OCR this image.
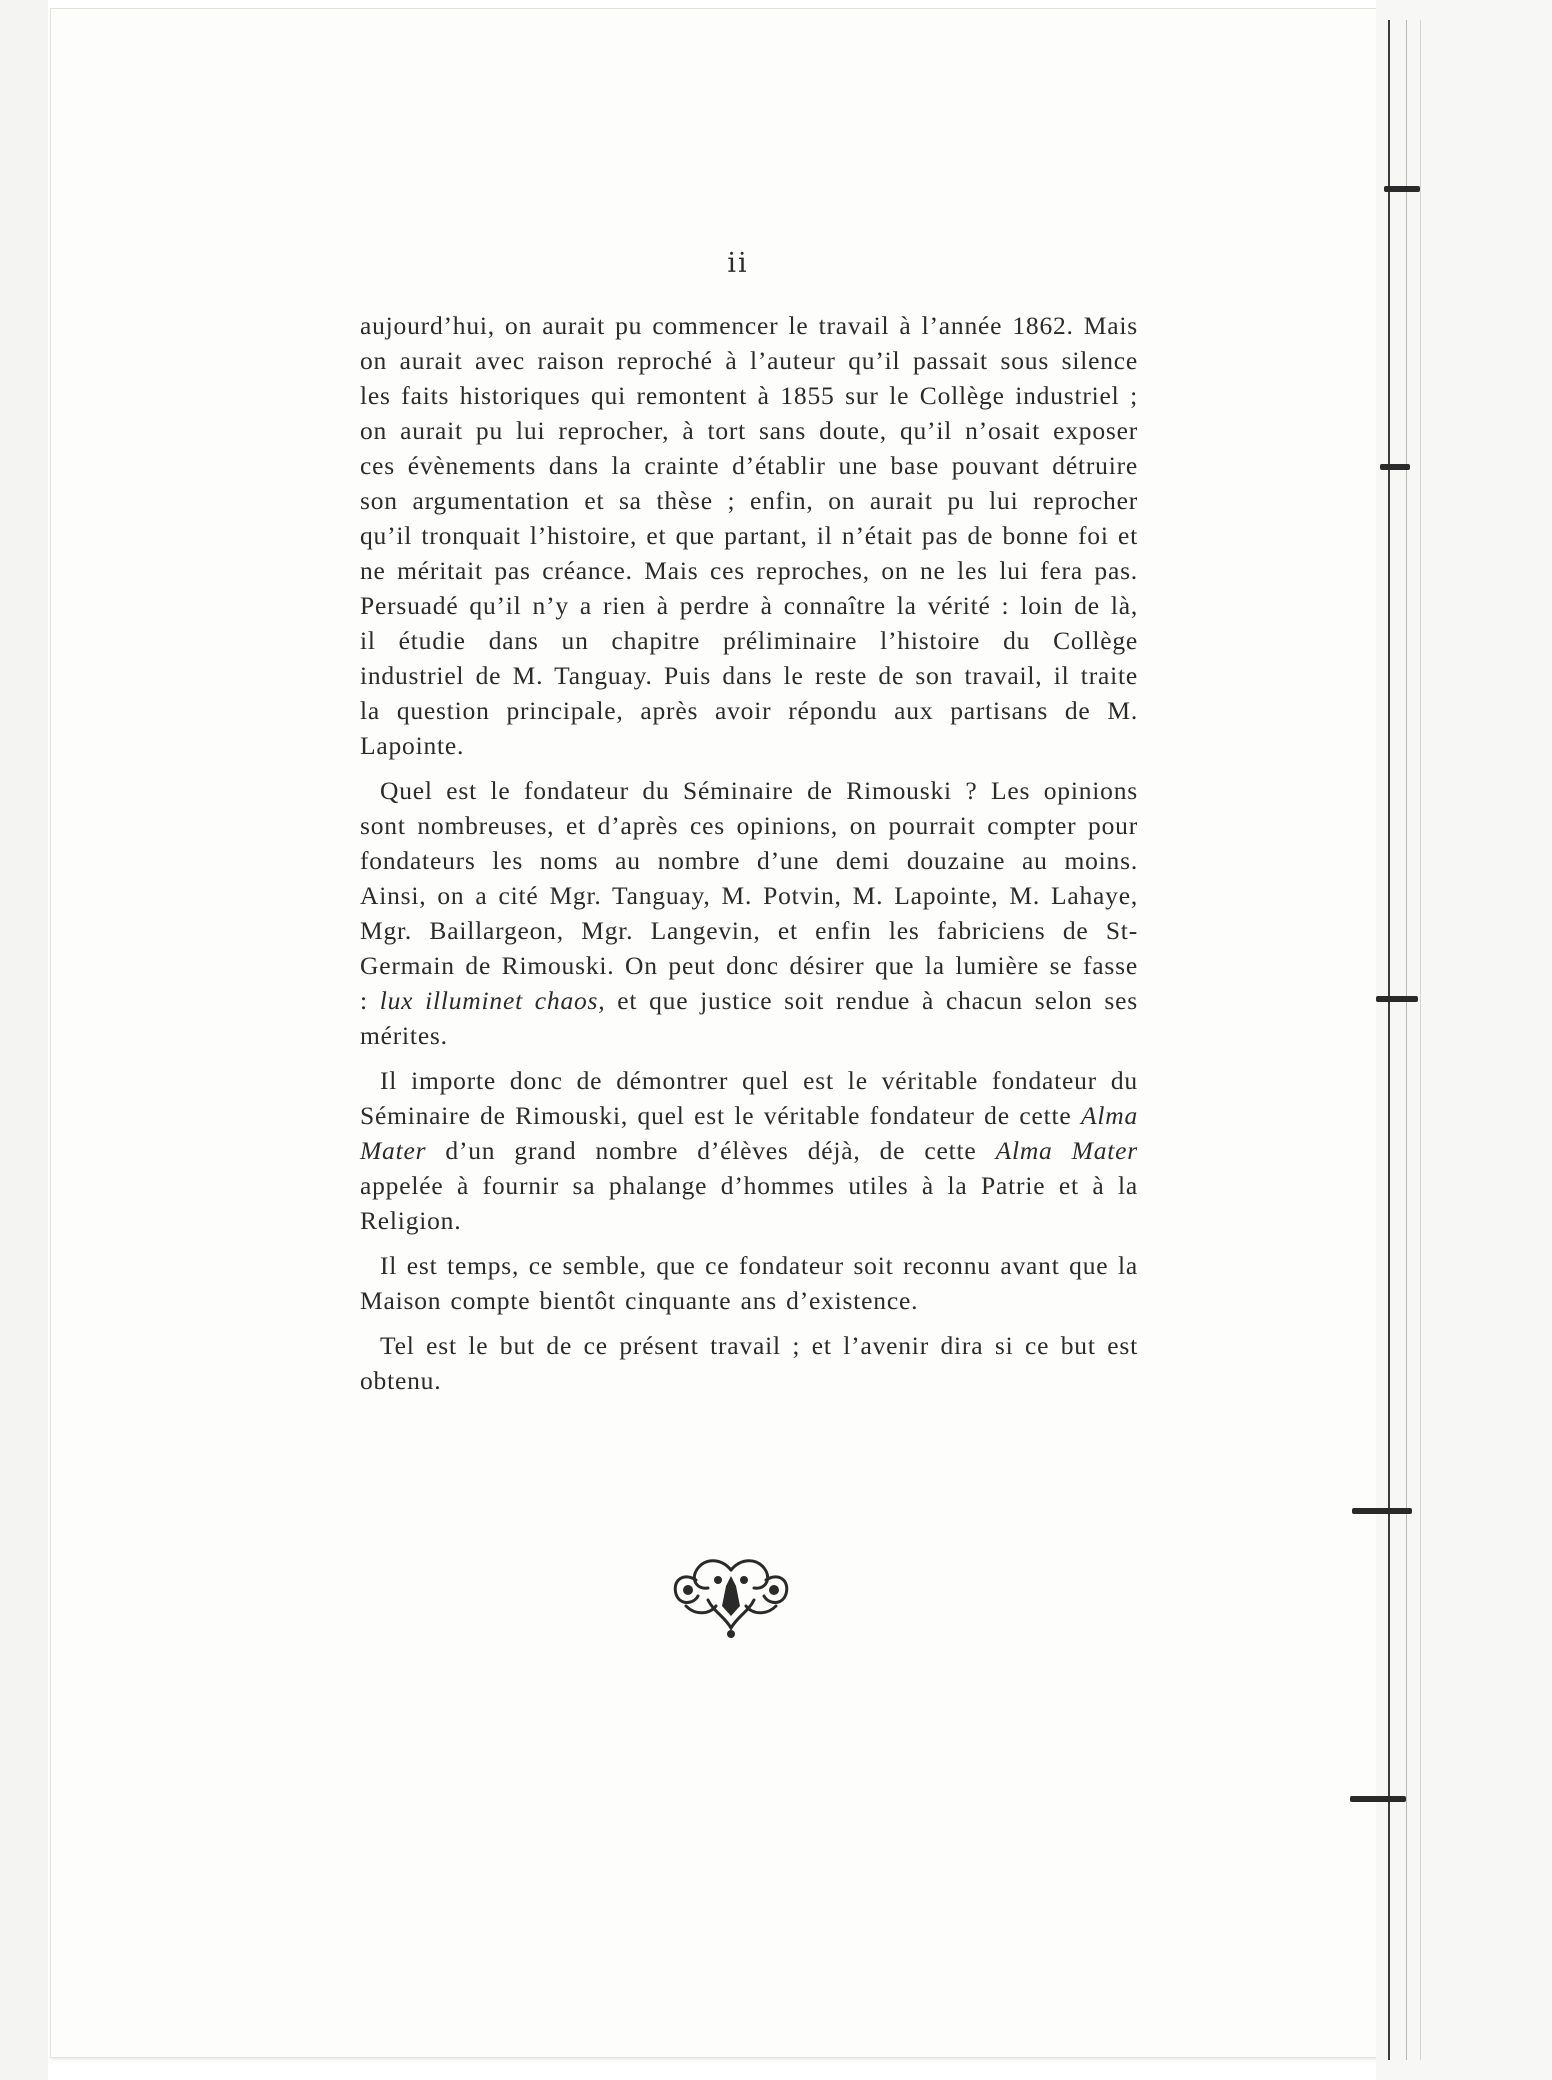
ii

aujourd’hui, on aurait pu commencer le travail à l’année 1862. Mais on aurait avec raison reproché à l’auteur qu’il passait sous silence les faits historiques qui remontent à 1855 sur le Collège industriel ; on aurait pu lui reprocher, à tort sans doute, qu’il n’osait exposer ces évènements dans la crainte d’établir une base pouvant détruire son argumentation et sa thèse ; enfin, on aurait pu lui reprocher qu’il tronquait l’histoire, et que partant, il n’était pas de bonne foi et ne méritait pas créance. Mais ces reproches, on ne les lui fera pas. Persuadé qu’il n’y a rien à perdre à connaître la vérité : loin de là, il étudie dans un chapitre préliminaire l’histoire du Collège industriel de M. Tanguay. Puis dans le reste de son travail, il traite la question principale, après avoir répondu aux partisans de M. Lapointe.

Quel est le fondateur du Séminaire de Rimouski ? Les opinions sont nombreuses, et d’après ces opinions, on pourrait compter pour fondateurs les noms au nombre d’une demi douzaine au moins. Ainsi, on a cité Mgr. Tanguay, M. Potvin, M. Lapointe, M. Lahaye, Mgr. Baillargeon, Mgr. Langevin, et enfin les fabriciens de St-Germain de Rimouski. On peut donc désirer que la lumière se fasse : lux illuminet chaos, et que justice soit rendue à chacun selon ses mérites.

Il importe donc de démontrer quel est le véritable fondateur du Séminaire de Rimouski, quel est le véritable fondateur de cette Alma Mater d’un grand nombre d’élèves déjà, de cette Alma Mater appelée à fournir sa phalange d’hommes utiles à la Patrie et à la Religion.

Il est temps, ce semble, que ce fondateur soit reconnu avant que la Maison compte bientôt cinquante ans d’existence.

Tel est le but de ce présent travail ; et l’avenir dira si ce but est obtenu.
